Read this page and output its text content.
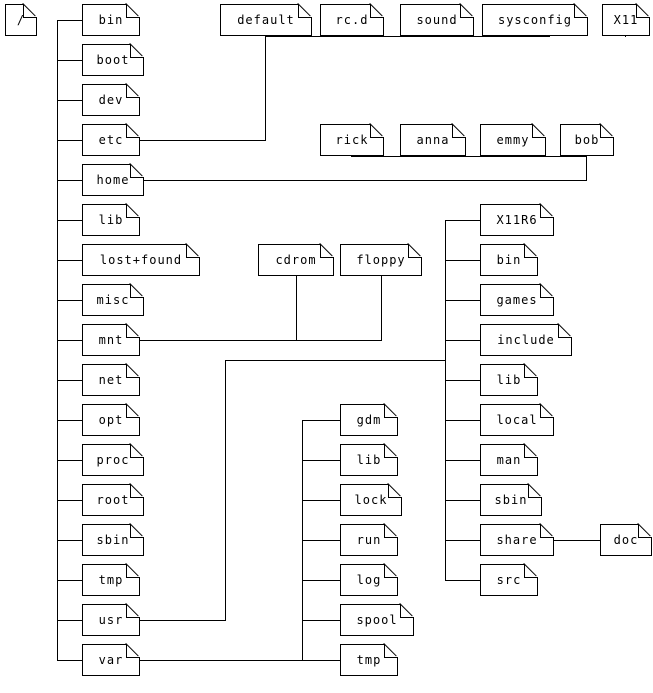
/	bin
boot
dev
etc
home
lib
lost+found
misc
mnt
net
opt
proc
root
sbin
tmp
usr
var
default	rc.d	sound	sysconfig	X11
rick	anna	emmy	bob
cdrom	floppy
X11R6
bin
games
include
lib
local
man
sbin
share
src
doc
gdm
lib
lock
run
log
spool
tmp
